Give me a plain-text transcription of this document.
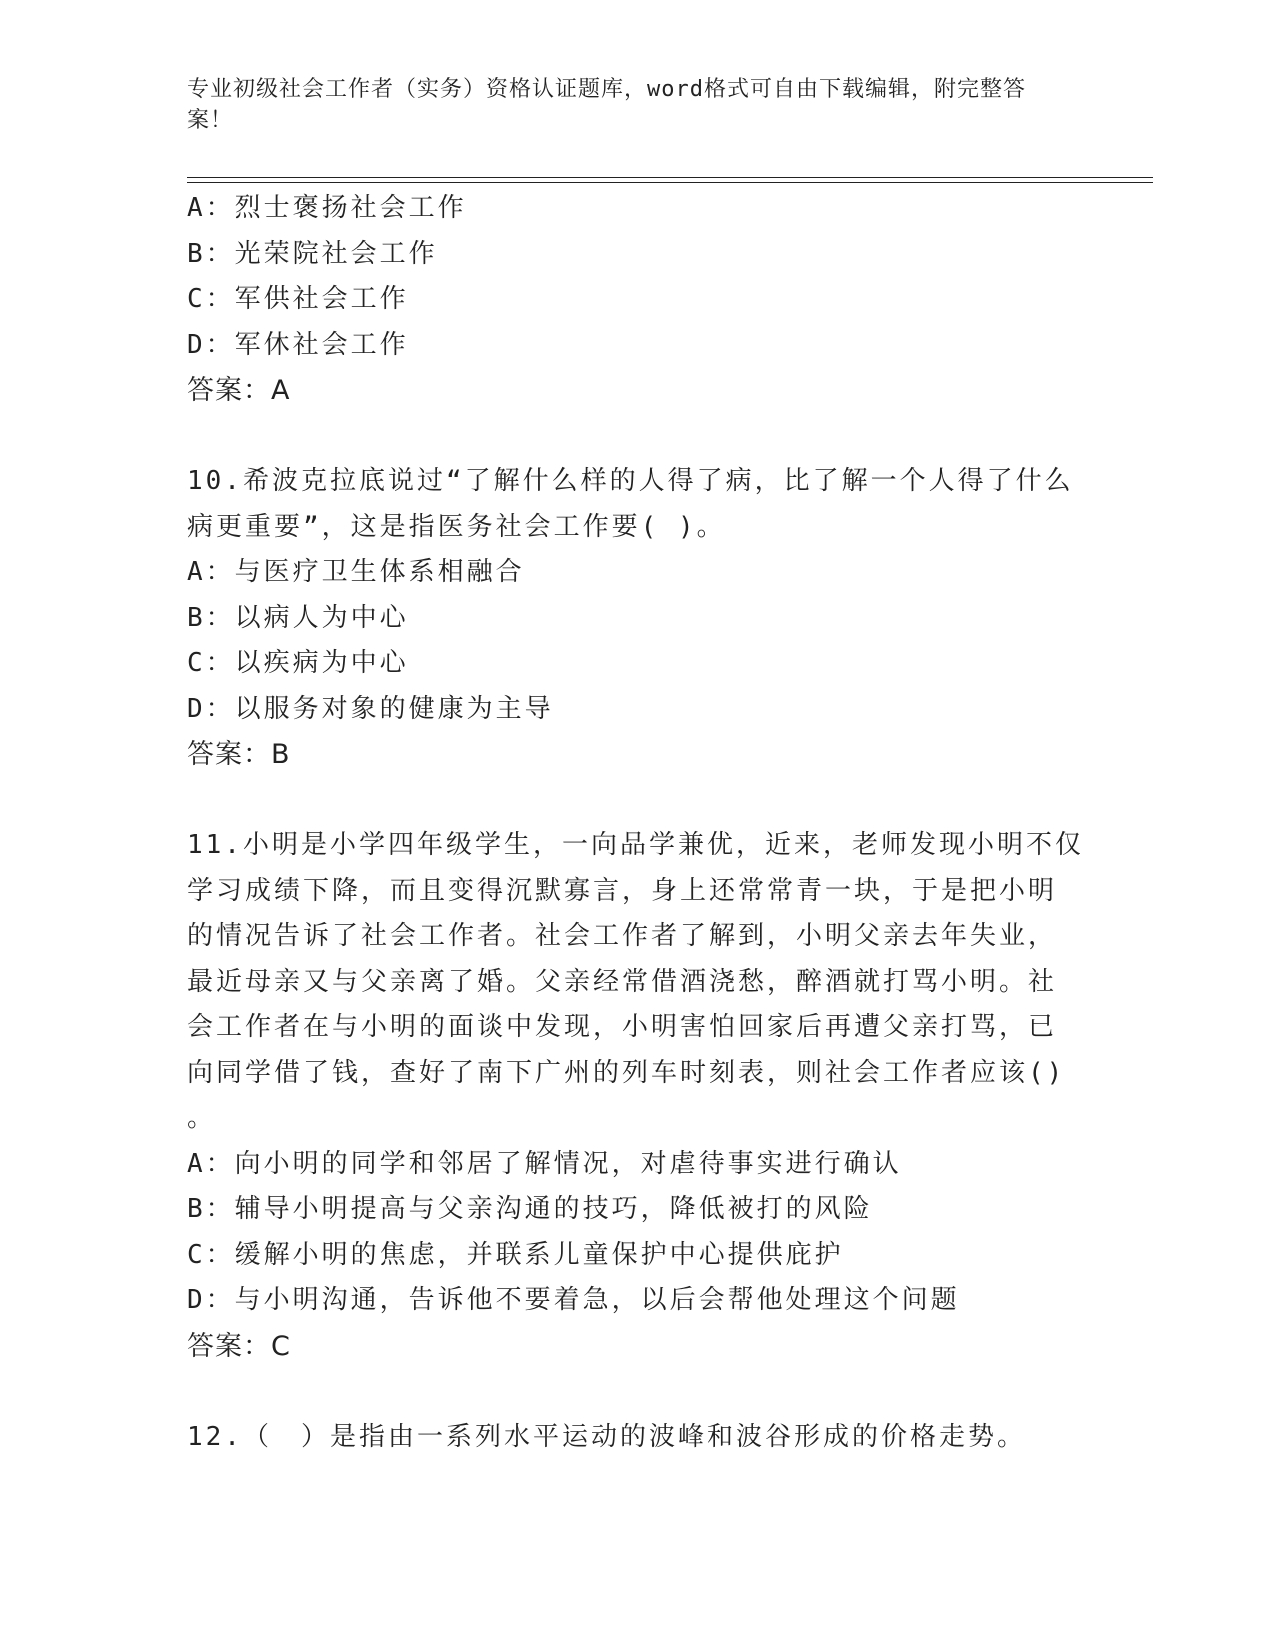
专业初级社会工作者（实务）资格认证题库，word格式可自由下载编辑，附完整答案！
A：烈士褒扬社会工作
B：光荣院社会工作
C：军供社会工作
D：军休社会工作
答案：A
10.希波克拉底说过“了解什么样的人得了病，比了解一个人得了什么
病更重要”，这是指医务社会工作要( )。
A：与医疗卫生体系相融合
B：以病人为中心
C：以疾病为中心
D：以服务对象的健康为主导
答案：B
11.小明是小学四年级学生，一向品学兼优，近来，老师发现小明不仅
学习成绩下降，而且变得沉默寡言，身上还常常青一块，于是把小明
的情况告诉了社会工作者。社会工作者了解到，小明父亲去年失业，
最近母亲又与父亲离了婚。父亲经常借酒浇愁，醉酒就打骂小明。社
会工作者在与小明的面谈中发现，小明害怕回家后再遭父亲打骂，已
向同学借了钱，查好了南下广州的列车时刻表，则社会工作者应该()
。
A：向小明的同学和邻居了解情况，对虐待事实进行确认
B：辅导小明提高与父亲沟通的技巧，降低被打的风险
C：缓解小明的焦虑，并联系儿童保护中心提供庇护
D：与小明沟通，告诉他不要着急，以后会帮他处理这个问题
答案：C
12.（　）是指由一系列水平运动的波峰和波谷形成的价格走势。
